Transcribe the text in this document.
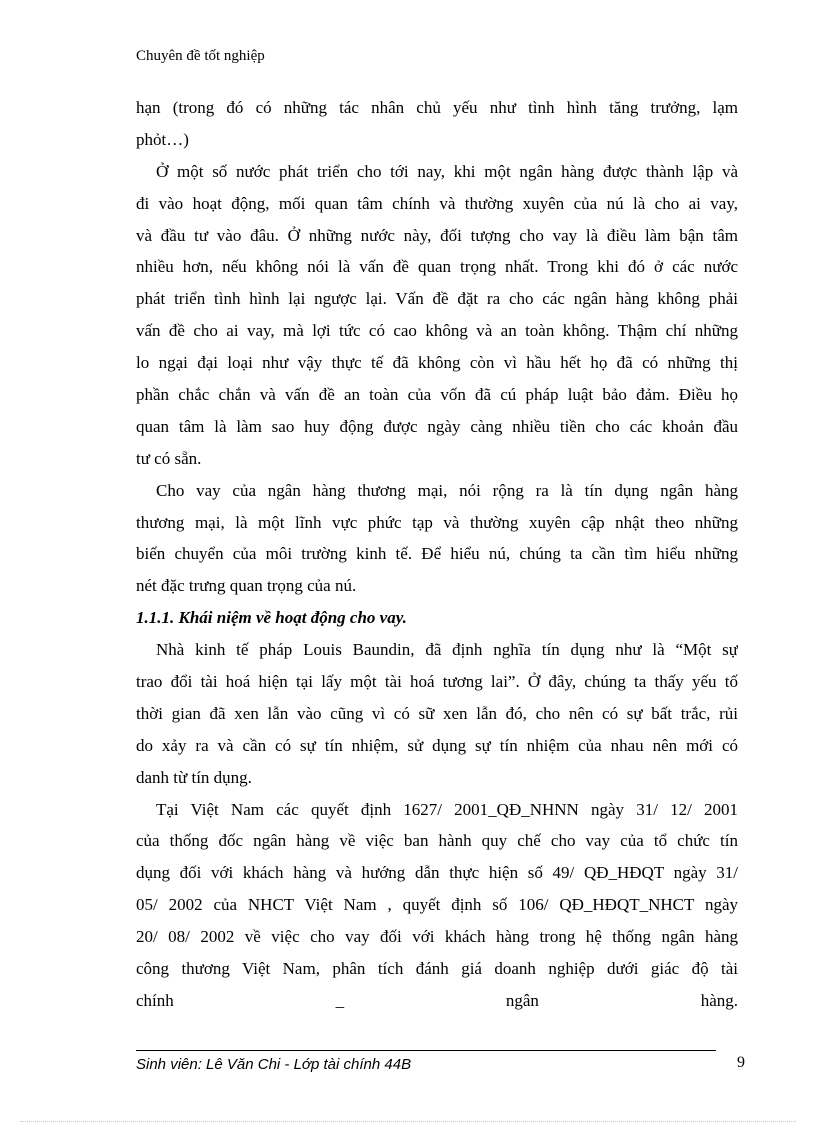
Chuyên đề tốt nghiệp
hạn (trong đó có những tác nhân chủ yếu như tình hình tăng trưởng, lạm
phỏt…)
Ở một số nước phát triển cho tới nay, khi một ngân hàng được thành lập và
đi vào hoạt động, mối quan tâm chính và thường xuyên của nú là cho ai vay,
và đầu tư vào đâu. Ở những nước này, đối tượng cho vay là điều làm bận tâm
nhiều hơn, nếu không nói là vấn đề quan trọng nhất. Trong khi đó ở các nước
phát triển tình hình lại ngược lại. Vấn đề đặt ra cho các ngân hàng không phải
vấn đề cho ai vay, mà lợi tức có cao không và an toàn không. Thậm chí những
lo ngại đại loại như vậy thực tế đã không còn vì hầu hết họ đã có những thị
phần chắc chắn và vấn đề an toàn của vốn đã cú pháp luật bảo đảm. Điều họ
quan tâm là làm sao huy động được ngày càng nhiều tiền cho các khoản đầu
tư có sẵn.
Cho vay của ngân hàng thương mại, nói rộng ra là tín dụng ngân hàng
thương mại, là một lĩnh vực phức tạp và thường xuyên cập nhật theo những
biến chuyển của môi trường kinh tế. Để hiểu nú, chúng ta cần tìm hiểu những
nét đặc trưng quan trọng của nú.
1.1.1. Khái niệm về hoạt động cho vay.
Nhà kinh tế pháp Louis Baundin, đã định nghĩa tín dụng như là “Một sự
trao đổi tài hoá hiện tại lấy một tài hoá tương lai”. Ở đây, chúng ta thấy yếu tố
thời gian đã xen lẫn vào cũng vì có sữ xen lẫn đó, cho nên có sự bất trắc, rủi
do xảy ra và cần có sự tín nhiệm, sử dụng sự tín nhiệm của nhau nên mới có
danh từ tín dụng.
Tại Việt Nam các quyết định 1627/ 2001_QĐ_NHNN ngày 31/ 12/ 2001
của thống đốc ngân hàng về việc ban hành quy chế cho vay của tổ chức tín
dụng đối với khách hàng và hướng dẫn thực hiện số 49/ QĐ_HĐQT ngày 31/
05/ 2002 của NHCT Việt Nam , quyết định số 106/ QĐ_HĐQT_NHCT ngày
20/ 08/ 2002 về việc cho vay đối với khách hàng trong hệ thống ngân hàng
công thương Việt Nam, phân tích đánh giá doanh nghiệp dưới giác độ tài
chính _ ngân hàng.
Sinh viên: Lê Văn Chi - Lớp tài chính 44B	9
